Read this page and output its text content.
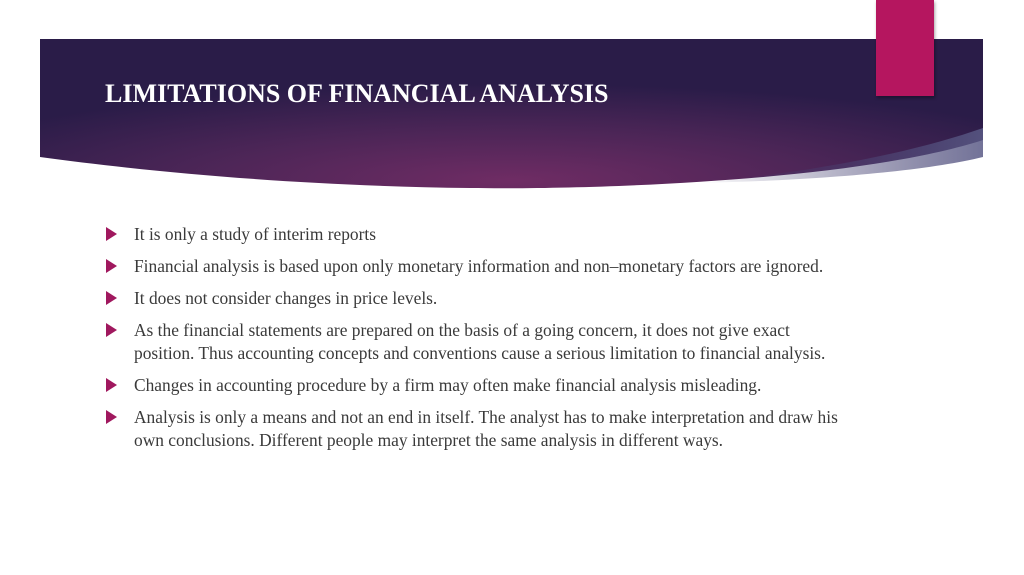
LIMITATIONS OF FINANCIAL ANALYSIS
It is only a study of interim reports
Financial analysis is based upon only monetary information and non–monetary factors are ignored.
It does not consider changes in price levels.
As the financial statements are prepared on the basis of a going concern, it does not give exact position. Thus accounting concepts and conventions cause a serious limitation to financial analysis.
Changes in accounting procedure by a firm may often make financial analysis misleading.
Analysis is only a means and not an end in itself. The analyst has to make interpretation and draw his own conclusions. Different people may interpret the same analysis in different ways.
